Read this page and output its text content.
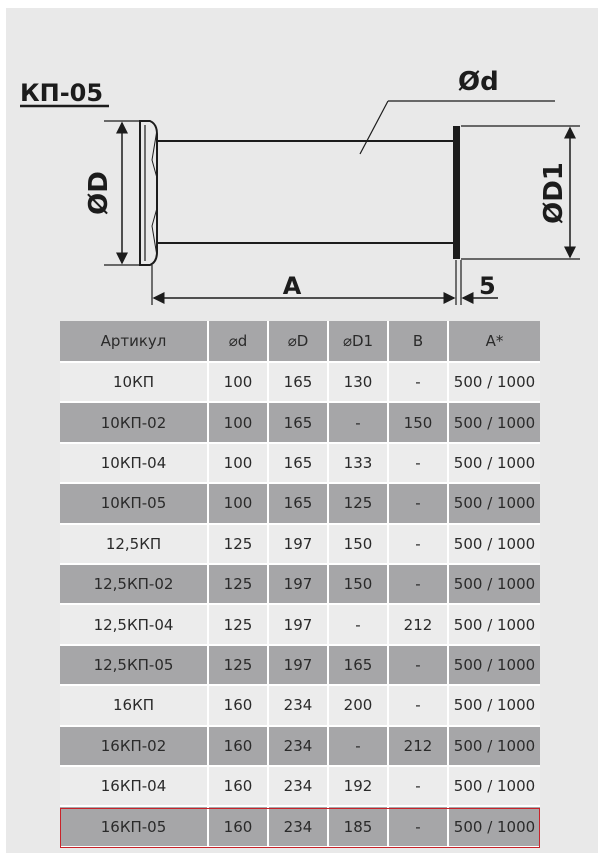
КП-05
ØD	ØD1
Ød
A	5
Артикул	⌀d	⌀D	⌀D1	B	A*
10КП	100	165	130	-	500 / 1000
10КП-02	100	165	-	150	500 / 1000
10КП-04	100	165	133	-	500 / 1000
10КП-05	100	165	125	-	500 / 1000
12,5КП	125	197	150	-	500 / 1000
12,5КП-02	125	197	150	-	500 / 1000
12,5КП-04	125	197	-	212	500 / 1000
12,5КП-05	125	197	165	-	500 / 1000
16КП	160	234	200	-	500 / 1000
16КП-02	160	234	-	212	500 / 1000
16КП-04	160	234	192	-	500 / 1000
16КП-05	160	234	185	-	500 / 1000
